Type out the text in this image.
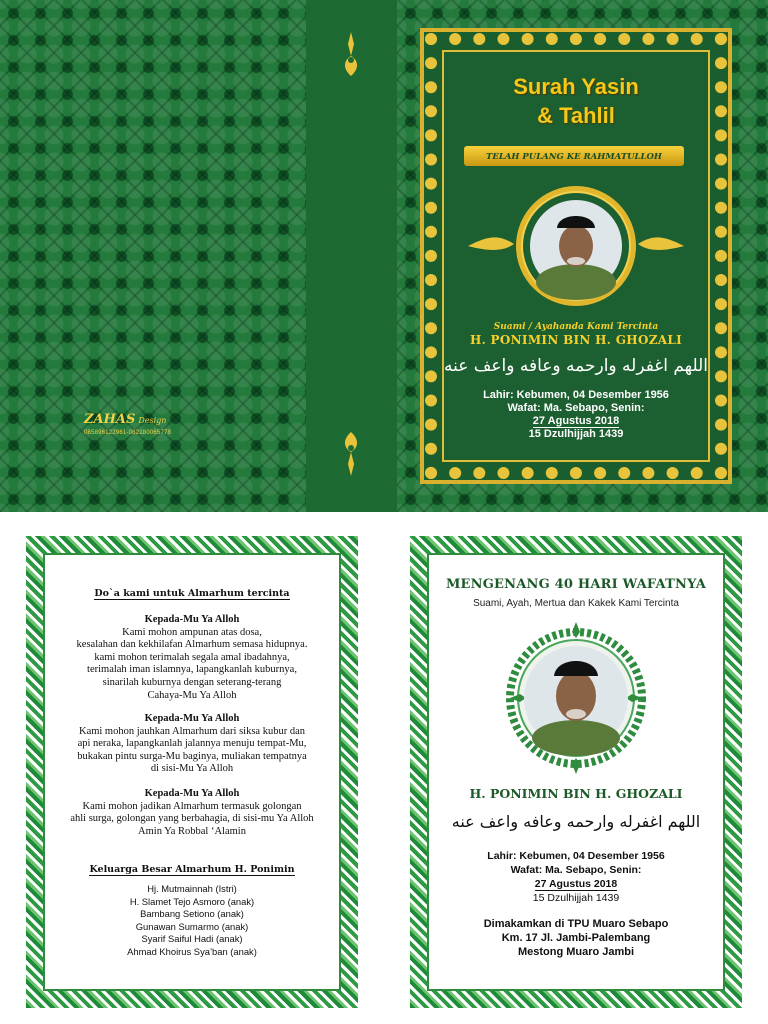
ZAHAS Design
085896122961-082180065778
Surah Yasin
& Tahlil
TELAH PULANG KE RAHMATULLOH
Suami / Ayahanda Kami Tercinta
H. PONIMIN BIN H. GHOZALI
اللهم اغفرله وارحمه وعافه واعف عنه
Lahir: Kebumen, 04 Desember 1956
Wafat: Ma. Sebapo, Senin:
27 Agustus 2018
15 Dzulhijjah 1439
Do`a kami untuk Almarhum tercinta
Kepada-Mu Ya Alloh
Kami mohon ampunan atas dosa,
kesalahan dan kekhilafan Almarhum semasa hidupnya.
kami mohon terimalah segala amal ibadahnya,
terimalah iman islamnya, lapangkanlah kuburnya,
sinarilah kuburnya dengan seterang-terang
Cahaya-Mu Ya Alloh
Kepada-Mu Ya Alloh
Kami mohon jauhkan Almarhum dari siksa kubur dan
api neraka, lapangkanlah jalannya menuju tempat-Mu,
bukakan pintu surga-Mu baginya, muliakan tempatnya
di sisi-Mu Ya Alloh
Kepada-Mu Ya Alloh
Kami mohon jadikan Almarhum termasuk golongan
ahli surga, golongan yang berbahagia, di sisi-mu Ya Alloh
Amin Ya Robbal ‘Alamin
Keluarga Besar Almarhum H. Ponimin
Hj. Mutmainnah (Istri)
H. Slamet Tejo Asmoro (anak)
Bambang Setiono (anak)
Gunawan Sumarmo (anak)
Syarif Saiful Hadi (anak)
Ahmad Khoirus Sya’ban (anak)
MENGENANG 40 HARI WAFATNYA
Suami, Ayah, Mertua dan Kakek Kami Tercinta
H. PONIMIN BIN H. GHOZALI
اللهم اغفرله وارحمه وعافه واعف عنه
Lahir: Kebumen, 04 Desember 1956
Wafat: Ma. Sebapo, Senin:
27 Agustus 2018
15 Dzulhijjah 1439
Dimakamkan di TPU Muaro Sebapo
Km. 17 Jl. Jambi-Palembang
Mestong Muaro Jambi
